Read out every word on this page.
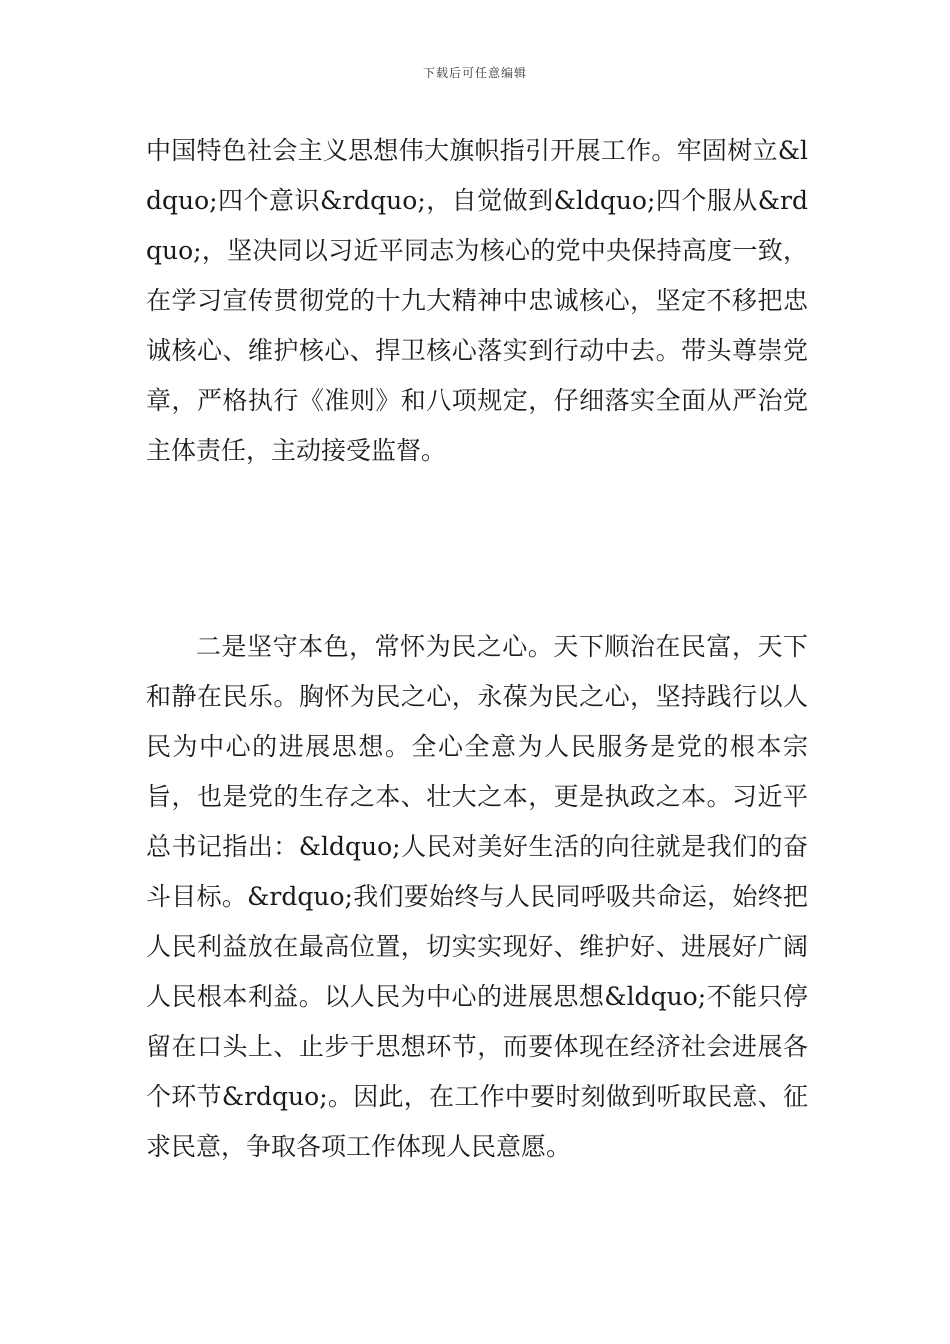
下载后可任意编辑

中国特色社会主义思想伟大旗帜指引开展工作。牢固树立&ldquo;四个意识&rdquo;，自觉做到&ldquo;四个服从&rdquo;，坚决同以习近平同志为核心的党中央保持高度一致，在学习宣传贯彻党的十九大精神中忠诚核心，坚定不移把忠诚核心、维护核心、捍卫核心落实到行动中去。带头尊崇党章，严格执行《准则》和八项规定，仔细落实全面从严治党主体责任，主动接受监督。

二是坚守本色，常怀为民之心。天下顺治在民富，天下和静在民乐。胸怀为民之心，永葆为民之心，坚持践行以人民为中心的进展思想。全心全意为人民服务是党的根本宗旨，也是党的生存之本、壮大之本，更是执政之本。习近平总书记指出：&ldquo;人民对美好生活的向往就是我们的奋斗目标。&rdquo;我们要始终与人民同呼吸共命运，始终把人民利益放在最高位置，切实实现好、维护好、进展好广阔人民根本利益。以人民为中心的进展思想&ldquo;不能只停留在口头上、止步于思想环节，而要体现在经济社会进展各个环节&rdquo;。因此，在工作中要时刻做到听取民意、征求民意，争取各项工作体现人民意愿。
